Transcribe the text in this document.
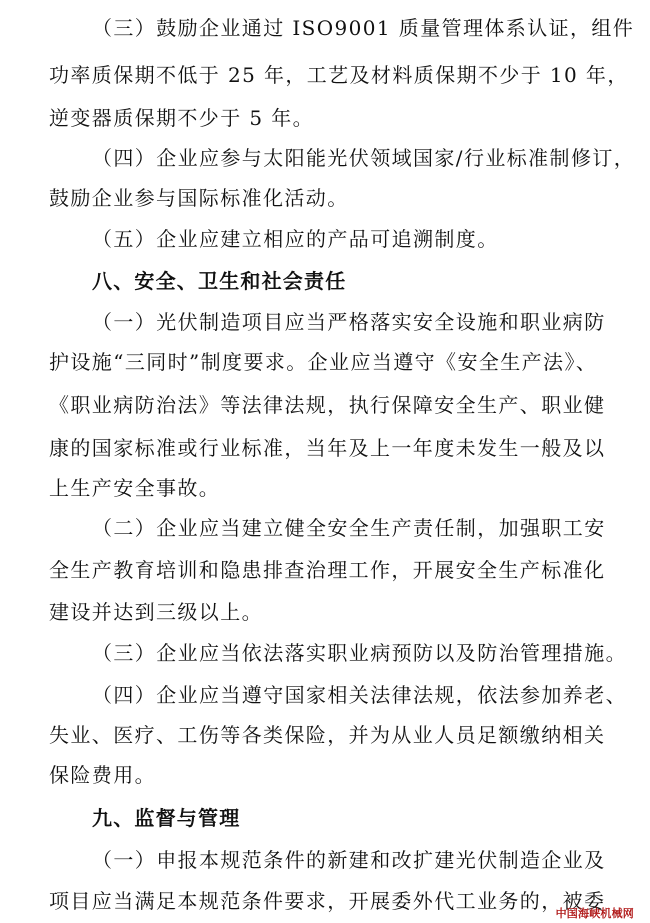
（三）鼓励企业通过 ISO9001 质量管理体系认证，组件
功率质保期不低于 25 年，工艺及材料质保期不少于 10 年，
逆变器质保期不少于 5 年。
（四）企业应参与太阳能光伏领域国家/行业标准制修订，
鼓励企业参与国际标准化活动。
（五）企业应建立相应的产品可追溯制度。
八、安全、卫生和社会责任
（一）光伏制造项目应当严格落实安全设施和职业病防
护设施“三同时”制度要求。企业应当遵守《安全生产法》、
《职业病防治法》等法律法规，执行保障安全生产、职业健
康的国家标准或行业标准，当年及上一年度未发生一般及以
上生产安全事故。
（二）企业应当建立健全安全生产责任制，加强职工安
全生产教育培训和隐患排查治理工作，开展安全生产标准化
建设并达到三级以上。
（三）企业应当依法落实职业病预防以及防治管理措施。
（四）企业应当遵守国家相关法律法规，依法参加养老、
失业、医疗、工伤等各类保险，并为从业人员足额缴纳相关
保险费用。
九、监督与管理
（一）申报本规范条件的新建和改扩建光伏制造企业及
项目应当满足本规范条件要求，开展委外代工业务的，被委
中国海峡机械网
